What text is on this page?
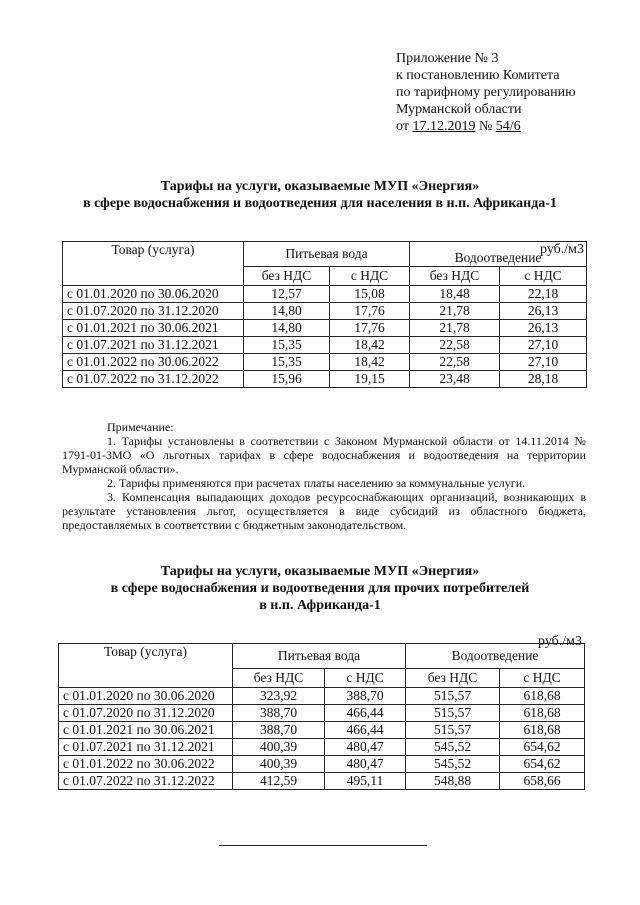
Приложение № 3
к постановлению Комитета
по тарифному регулированию
Мурманской области
от 17.12.2019 № 54/6
Тарифы на услуги, оказываемые МУП «Энергия»
в сфере водоснабжения и водоотведения для населения в н.п. Африканда-1
руб./м3
Товар (услуга)	Питьевая вода		Водоотведение	
	без НДС	с НДС	без НДС	с НДС
с 01.01.2020 по 30.06.2020	12,57	15,08	18,48	22,18
с 01.07.2020 по 31.12.2020	14,80	17,76	21,78	26,13
с 01.01.2021 по 30.06.2021	14,80	17,76	21,78	26,13
с 01.07.2021 по 31.12.2021	15,35	18,42	22,58	27,10
с 01.01.2022 по 30.06.2022	15,35	18,42	22,58	27,10
с 01.07.2022 по 31.12.2022	15,96	19,15	23,48	28,18

Примечание:

1. Тарифы установлены в соответствии с Законом Мурманской области от 14.11.2014 № 1791-01-ЗМО «О льготных тарифах в сфере водоснабжения и водоотведения на территории Мурманской области».

2. Тарифы применяются при расчетах платы населению за коммунальные услуги.

3. Компенсация выпадающих доходов ресурсоснабжающих организаций, возникающих в результате установления льгот, осуществляется в виде субсидий из областного бюджета, предоставляемых в соответствии с бюджетным законодательством.

Тарифы на услуги, оказываемые МУП «Энергия»
в сфере водоснабжения и водоотведения для прочих потребителей
в н.п. Африканда-1
руб./м3
Товар (услуга)	Питьевая вода		Водоотведение	
	без НДС	с НДС	без НДС	с НДС
с 01.01.2020 по 30.06.2020	323,92	388,70	515,57	618,68
с 01.07.2020 по 31.12.2020	388,70	466,44	515,57	618,68
с 01.01.2021 по 30.06.2021	388,70	466,44	515,57	618,68
с 01.07.2021 по 31.12.2021	400,39	480,47	545,52	654,62
с 01.01.2022 по 30.06.2022	400,39	480,47	545,52	654,62
с 01.07.2022 по 31.12.2022	412,59	495,11	548,88	658,66
